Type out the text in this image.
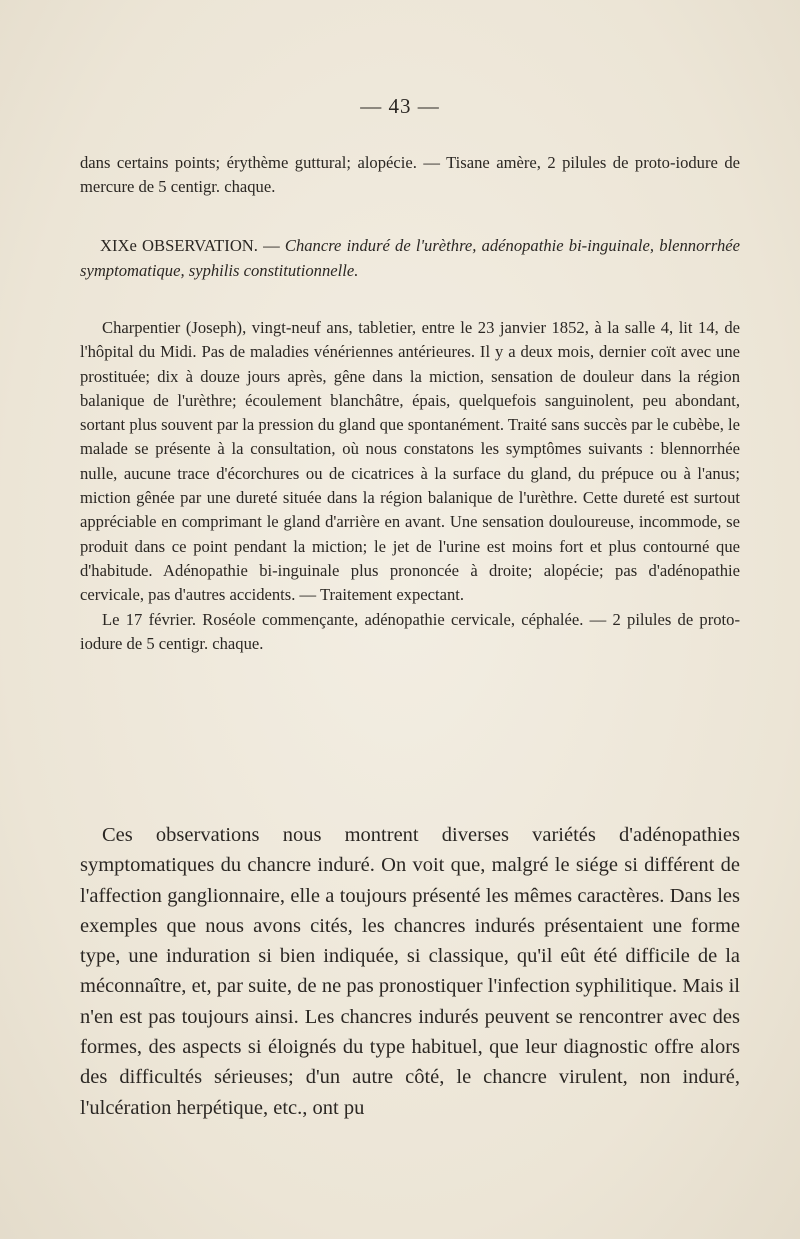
— 43 —

dans certains points; érythème guttural; alopécie. — Tisane amère, 2 pilules de proto-iodure de mercure de 5 centigr. chaque.

XIXe OBSERVATION. — Chancre induré de l'urèthre, adénopathie bi-inguinale, blennorrhée symptomatique, syphilis constitutionnelle.

Charpentier (Joseph), vingt-neuf ans, tabletier, entre le 23 janvier 1852, à la salle 4, lit 14, de l'hôpital du Midi. Pas de maladies vénériennes antérieures. Il y a deux mois, dernier coït avec une prostituée; dix à douze jours après, gêne dans la miction, sensation de douleur dans la région balanique de l'urèthre; écoulement blanchâtre, épais, quelquefois sanguinolent, peu abondant, sortant plus souvent par la pression du gland que spontanément. Traité sans succès par le cubèbe, le malade se présente à la consultation, où nous constatons les symptômes suivants : blennorrhée nulle, aucune trace d'écorchures ou de cicatrices à la surface du gland, du prépuce ou à l'anus; miction gênée par une dureté située dans la région balanique de l'urèthre. Cette dureté est surtout appréciable en comprimant le gland d'arrière en avant. Une sensation douloureuse, incommode, se produit dans ce point pendant la miction; le jet de l'urine est moins fort et plus contourné que d'habitude. Adénopathie bi-inguinale plus prononcée à droite; alopécie; pas d'adénopathie cervicale, pas d'autres accidents. — Traitement expectant.

Le 17 février. Roséole commençante, adénopathie cervicale, céphalée. — 2 pilules de proto-iodure de 5 centigr. chaque.

Ces observations nous montrent diverses variétés d'adénopathies symptomatiques du chancre induré. On voit que, malgré le siége si différent de l'affection ganglionnaire, elle a toujours présenté les mêmes caractères. Dans les exemples que nous avons cités, les chancres indurés présentaient une forme type, une induration si bien indiquée, si classique, qu'il eût été difficile de la méconnaître, et, par suite, de ne pas pronostiquer l'infection syphilitique. Mais il n'en est pas toujours ainsi. Les chancres indurés peuvent se rencontrer avec des formes, des aspects si éloignés du type habituel, que leur diagnostic offre alors des difficultés sérieuses; d'un autre côté, le chancre virulent, non induré, l'ulcération herpétique, etc., ont pu
